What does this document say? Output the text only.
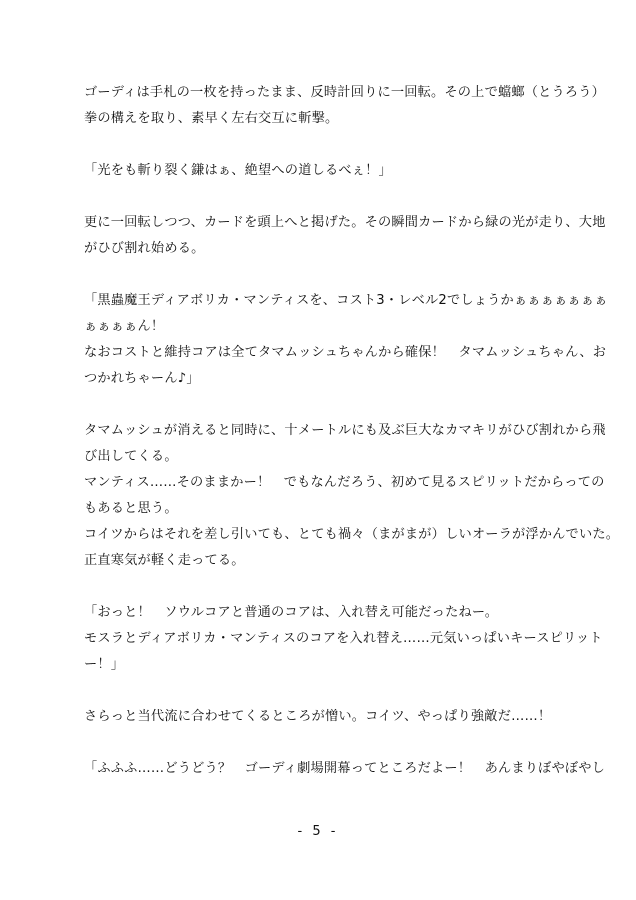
ゴーディは手札の一枚を持ったまま、反時計回りに一回転。その上で蟷螂（とうろう）
拳の構えを取り、素早く左右交互に斬撃。
「光をも斬り裂く鎌はぁ、絶望への道しるべぇ！」
更に一回転しつつ、カードを頭上へと掲げた。その瞬間カードから緑の光が走り、大地
がひび割れ始める。
「黒蟲魔王ディアボリカ・マンティスを、コスト3・レベル2でしょうかぁぁぁぁぁぁぁ
ぁぁぁぁん！
なおコストと維持コアは全てタマムッシュちゃんから確保！　タマムッシュちゃん、お
つかれちゃーん♪」
タマムッシュが消えると同時に、十メートルにも及ぶ巨大なカマキリがひび割れから飛
び出してくる。
マンティス……そのままかー！　でもなんだろう、初めて見るスピリットだからっての
もあると思う。
コイツからはそれを差し引いても、とても禍々（まがまが）しいオーラが浮かんでいた。
正直寒気が軽く走ってる。
「おっと！　ソウルコアと普通のコアは、入れ替え可能だったねー。
モスラとディアボリカ・マンティスのコアを入れ替え……元気いっぱいキースピリット
ー！」
さらっと当代流に合わせてくるところが憎い。コイツ、やっぱり強敵だ……！
「ふふふ……どうどう？　ゴーディ劇場開幕ってところだよー！　あんまりぼやぼやし
- 5 -
